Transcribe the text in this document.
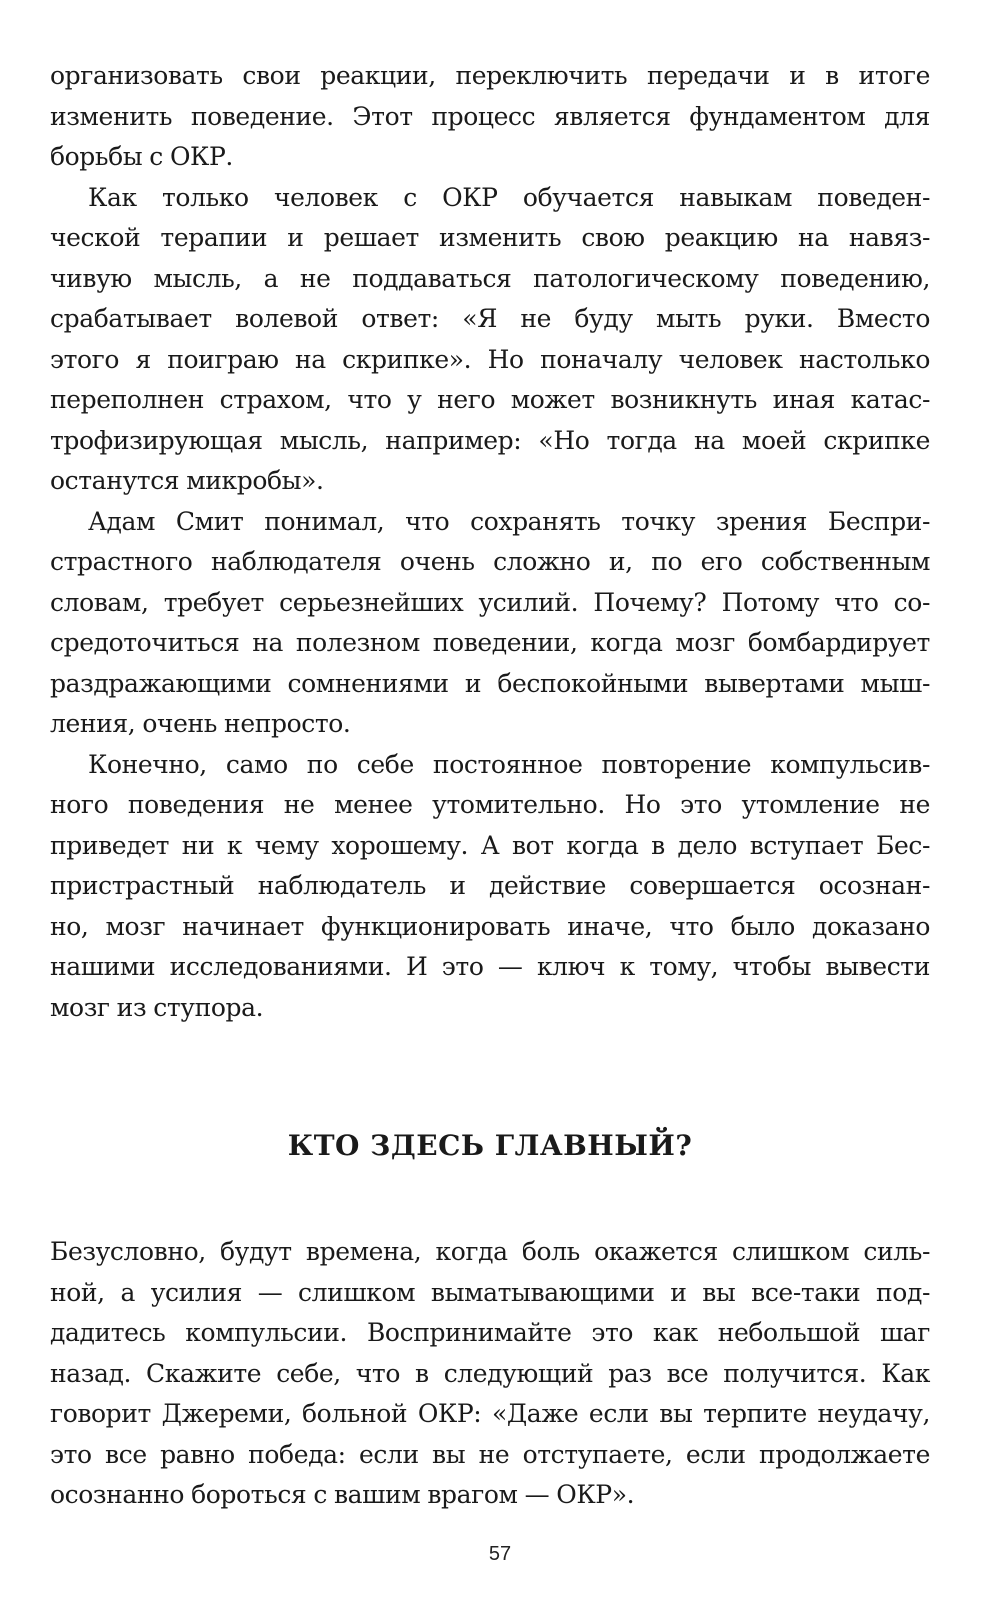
организовать свои реакции, переключить передачи и в итоге
изменить поведение. Этот процесс является фундаментом для
борьбы с ОКР.
Как только человек с ОКР обучается навыкам поведен-
ческой терапии и решает изменить свою реакцию на навяз-
чивую мысль, а не поддаваться патологическому поведению,
срабатывает волевой ответ: «Я не буду мыть руки. Вместо
этого я поиграю на скрипке». Но поначалу человек настолько
переполнен страхом, что у него может возникнуть иная катас-
трофизирующая мысль, например: «Но тогда на моей скрипке
останутся микробы».
Адам Смит понимал, что сохранять точку зрения Беспри-
страстного наблюдателя очень сложно и, по его собственным
словам, требует серьезнейших усилий. Почему? Потому что со-
средоточиться на полезном поведении, когда мозг бомбардирует
раздражающими сомнениями и беспокойными вывертами мыш-
ления, очень непросто.
Конечно, само по себе постоянное повторение компульсив-
ного поведения не менее утомительно. Но это утомление не
приведет ни к чему хорошему. А вот когда в дело вступает Бес-
пристрастный наблюдатель и действие совершается осознан-
но, мозг начинает функционировать иначе, что было доказано
нашими исследованиями. И это — ключ к тому, чтобы вывести
мозг из ступора.
КТО ЗДЕСЬ ГЛАВНЫЙ?
Безусловно, будут времена, когда боль окажется слишком силь-
ной, а усилия — слишком выматывающими и вы все-таки под-
дадитесь компульсии. Воспринимайте это как небольшой шаг
назад. Скажите себе, что в следующий раз все получится. Как
говорит Джереми, больной ОКР: «Даже если вы терпите неудачу,
это все равно победа: если вы не отступаете, если продолжаете
осознанно бороться с вашим врагом — ОКР».
57
